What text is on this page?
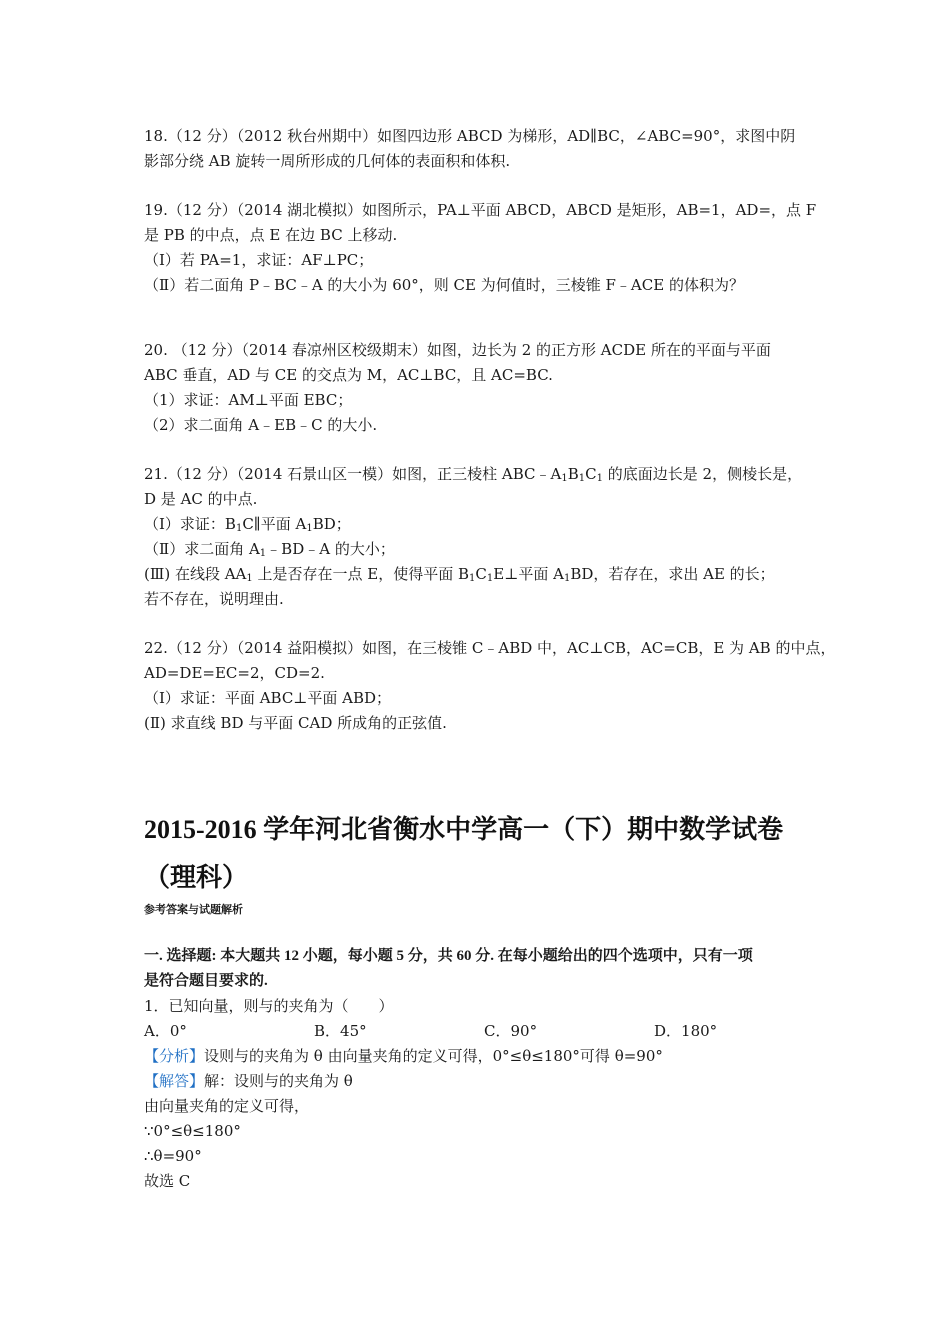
18.（12 分）（2012 秋台州期中）如图四边形 ABCD 为梯形，AD∥BC，∠ABC=90°，求图中阴
影部分绕 AB 旋转一周所形成的几何体的表面积和体积.
19.（12 分）（2014 湖北模拟）如图所示，PA⊥平面 ABCD，ABCD 是矩形，AB=1，AD=，点 F
是 PB 的中点，点 E 在边 BC 上移动.
（Ⅰ）若 PA=1，求证：AF⊥PC；
（Ⅱ）若二面角 P﹣BC﹣A 的大小为 60°，则 CE 为何值时，三棱锥 F﹣ACE 的体积为？
20. （12 分）（2014 春凉州区校级期末）如图，边长为 2 的正方形 ACDE 所在的平面与平面
ABC 垂直，AD 与 CE 的交点为 M，AC⊥BC，且 AC=BC.
（1）求证：AM⊥平面 EBC；
（2）求二面角 A﹣EB﹣C 的大小.
21.（12 分）（2014 石景山区一模）如图，正三棱柱 $ABC﹣A_1B_1C_1$ 的底面边长是 2，侧棱长是，
D 是 AC 的中点.
（Ⅰ）求证：$B_1C\parallel$平面 $A_1BD$；
（Ⅱ）求二面角 $A_1﹣BD﹣A$ 的大小；
(Ⅲ) 在线段 $AA_1$ 上是否存在一点 E，使得平面 $B_1C_1E\perp$平面 $A_1BD$，若存在，求出 AE 的长；
若不存在，说明理由.
22.（12 分）（2014 益阳模拟）如图，在三棱锥 C﹣ABD 中，AC⊥CB，AC=CB，E 为 AB 的中点，
AD=DE=EC=2，CD=2.
（Ⅰ）求证：平面 ABC⊥平面 ABD；
(Ⅱ) 求直线 BD 与平面 CAD 所成角的正弦值.
2015-2016 学年河北省衡水中学高一（下）期中数学试卷
（理科）
参考答案与试题解析
一. 选择题: 本大题共 12 小题，每小题 5 分，共 60 分. 在每小题给出的四个选项中，只有一项
是符合题目要求的.
1．已知向量，则与的夹角为（　　）
A．0°	B．45°	C．90°	D．180°
【分析】设则与的夹角为 θ 由向量夹角的定义可得，0°≤θ≤180°可得 θ=90°
【解答】解：设则与的夹角为 θ
由向量夹角的定义可得，
∵0°≤θ≤180°
∴θ=90°
故选 C
